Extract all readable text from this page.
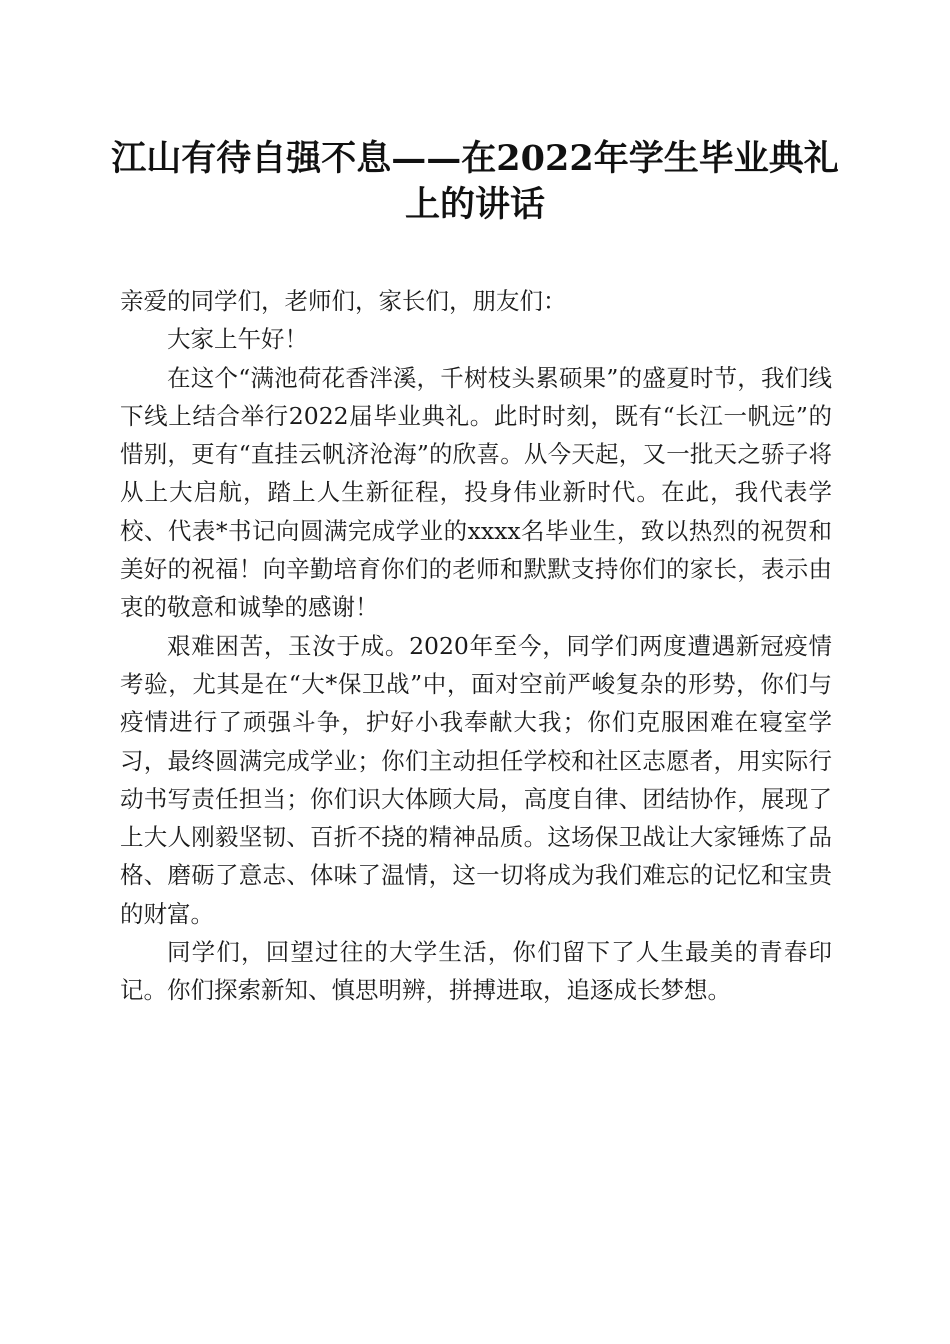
江山有待自强不息——在2022年学生毕业典礼上的讲话

亲爱的同学们，老师们，家长们，朋友们：

大家上午好！

在这个“满池荷花香泮溪，千树枝头累硕果”的盛夏时节，我们线下线上结合举行2022届毕业典礼。此时时刻，既有“长江一帆远”的惜别，更有“直挂云帆济沧海”的欣喜。从今天起，又一批天之骄子将从上大启航，踏上人生新征程，投身伟业新时代。在此，我代表学校、代表*书记向圆满完成学业的xxxx名毕业生，致以热烈的祝贺和美好的祝福！向辛勤培育你们的老师和默默支持你们的家长，表示由衷的敬意和诚挚的感谢！

艰难困苦，玉汝于成。2020年至今，同学们两度遭遇新冠疫情考验，尤其是在“大*保卫战”中，面对空前严峻复杂的形势，你们与疫情进行了顽强斗争，护好小我奉献大我；你们克服困难在寝室学习，最终圆满完成学业；你们主动担任学校和社区志愿者，用实际行动书写责任担当；你们识大体顾大局，高度自律、团结协作，展现了上大人刚毅坚韧、百折不挠的精神品质。这场保卫战让大家锤炼了品格、磨砺了意志、体味了温情，这一切将成为我们难忘的记忆和宝贵的财富。

同学们，回望过往的大学生活，你们留下了人生最美的青春印记。你们探索新知、慎思明辨，拼搏进取，追逐成长梦想。
